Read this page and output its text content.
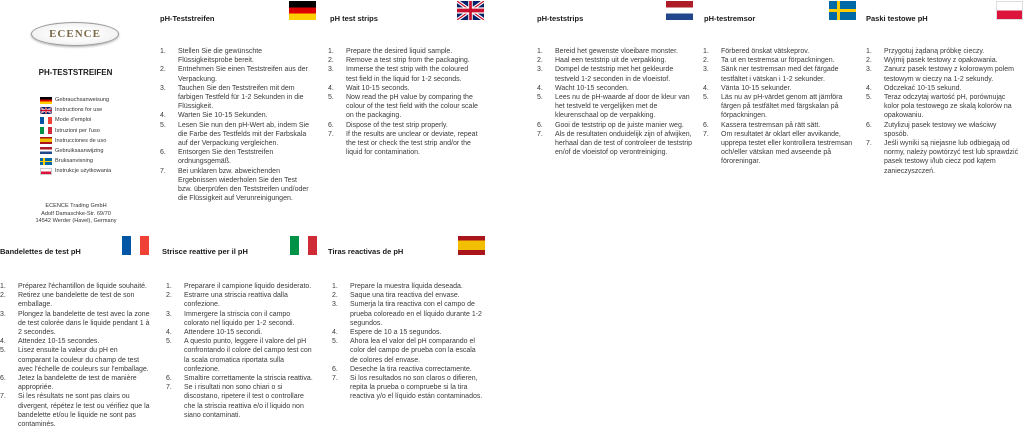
ECENCE
PH-TESTSTREIFEN
Gebrauchsanweisung
Instructions for use
Mode d'emploi
Istruzioni per l'uso
Instrucciones de uso
Gebruiksaanwijzing
Bruksanvisning
Instrukcje użytkowania
ECENCE Trading GmbH
Adolf Damaschke-Str. 69/70
14542 Werder (Havel), Germany
pH-Teststreifen	pH test strips	pH-teststrips	pH-testremsor	Paski testowe pH
1. Stellen Sie die gewünschte Flüssigkeitsprobe bereit.
2. Entnehmen Sie einen Teststreifen aus der Verpackung.
3. Tauchen Sie den Teststreifen mit dem farbigen Testfeld für 1-2 Sekunden in die Flüssigkeit.
4. Warten Sie 10-15 Sekunden.
5. Lesen Sie nun den pH-Wert ab, indem Sie die Farbe des Testfelds mit der Farbskala auf der Verpackung vergleichen.
6. Entsorgen Sie den Teststreifen ordnungsgemäß.
7. Bei unklaren bzw. abweichenden Ergebnissen wiederholen Sie den Test bzw. überprüfen den Teststreifen und/oder die Flüssigkeit auf Verunreinigungen.
1. Prepare the desired liquid sample.
2. Remove a test strip from the packaging.
3. Immerse the test strip with the coloured test field in the liquid for 1-2 seconds.
4. Wait 10-15 seconds.
5. Now read the pH value by comparing the colour of the test field with the colour scale on the packaging.
6. Dispose of the test strip properly.
7. If the results are unclear or deviate, repeat the test or check the test strip and/or the liquid for contamination.
1. Bereid het gewenste vloeibare monster.
2. Haal een teststrip uit de verpakking.
3. Dompel de teststrip met het gekleurde testveld 1-2 seconden in de vloeistof.
4. Wacht 10-15 seconden.
5. Lees nu de pH-waarde af door de kleur van het testveld te vergelijken met de kleurenschaal op de verpakking.
6. Gooi de teststrip op de juiste manier weg.
7. Als de resultaten onduidelijk zijn of afwijken, herhaal dan de test of controleer de teststrip en/of de vloeistof op verontreiniging.
1. Förbered önskat vätskeprov.
2. Ta ut en testremsa ur förpackningen.
3. Sänk ner testremsan med det färgade testfältet i vätskan i 1-2 sekunder.
4. Vänta 10-15 sekunder.
5. Läs nu av pH-värdet genom att jämföra färgen på testfältet med färgskalan på förpackningen.
6. Kassera testremsan på rätt sätt.
7. Om resultatet är oklart eller avvikande, upprepa testet eller kontrollera testremsan och/eller vätskan med avseende på föroreningar.
1. Przygotuj żądaną próbkę cieczy.
2. Wyjmij pasek testowy z opakowania.
3. Zanurz pasek testowy z kolorowym polem testowym w cieczy na 1-2 sekundy.
4. Odczekać 10-15 sekund.
5. Teraz odczytaj wartość pH, porównując kolor pola testowego ze skalą kolorów na opakowaniu.
6. Zutylizuj pasek testowy we właściwy sposób.
7. Jeśli wyniki są niejasne lub odbiegają od normy, należy powtórzyć test lub sprawdzić pasek testowy i/lub ciecz pod kątem zanieczyszczeń.
Bandelettes de test pH	Strisce reattive per il pH	Tiras reactivas de pH
1. Préparez l'échantillon de liquide souhaité.
2. Retirez une bandelette de test de son emballage.
3. Plongez la bandelette de test avec la zone de test colorée dans le liquide pendant 1 à 2 secondes.
4. Attendez 10-15 secondes.
5. Lisez ensuite la valeur du pH en comparant la couleur du champ de test avec l'échelle de couleurs sur l'emballage.
6. Jetez la bandelette de test de manière appropriée.
7. Si les résultats ne sont pas clairs ou divergent, répétez le test ou vérifiez que la bandelette et/ou le liquide ne sont pas contaminés.
1. Preparare il campione liquido desiderato.
2. Estrarre una striscia reattiva dalla confezione.
3. Immergere la striscia con il campo colorato nel liquido per 1-2 secondi.
4. Attendere 10-15 secondi.
5. A questo punto, leggere il valore del pH confrontando il colore del campo test con la scala cromatica riportata sulla confezione.
6. Smaltire correttamente la striscia reattiva.
7. Se i risultati non sono chiari o si discostano, ripetere il test o controllare che la striscia reattiva e/o il liquido non siano contaminati.
1. Prepare la muestra líquida deseada.
2. Saque una tira reactiva del envase.
3. Sumerja la tira reactiva con el campo de prueba coloreado en el líquido durante 1-2 segundos.
4. Espere de 10 a 15 segundos.
5. Ahora lea el valor del pH comparando el color del campo de prueba con la escala de colores del envase.
6. Deseche la tira reactiva correctamente.
7. Si los resultados no son claros o difieren, repita la prueba o compruebe si la tira reactiva y/o el líquido están contaminados.
